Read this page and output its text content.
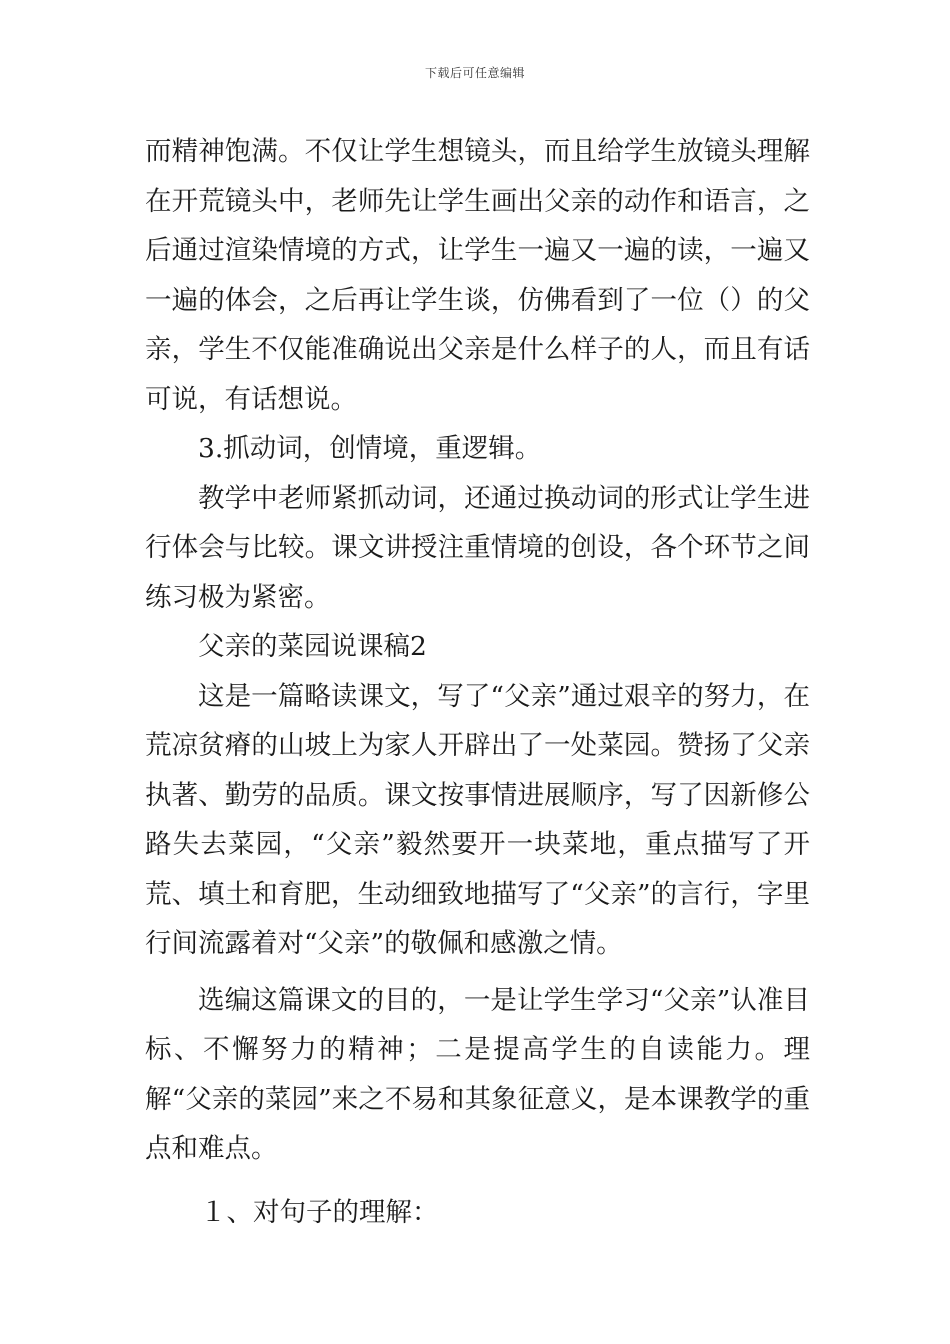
下载后可任意编辑

而精神饱满。不仅让学生想镜头，而且给学生放镜头理解在开荒镜头中，老师先让学生画出父亲的动作和语言，之后通过渲染情境的方式，让学生一遍又一遍的读，一遍又一遍的体会，之后再让学生谈，仿佛看到了一位（）的父亲，学生不仅能准确说出父亲是什么样子的人，而且有话可说，有话想说。

3.抓动词，创情境，重逻辑。

教学中老师紧抓动词，还通过换动词的形式让学生进行体会与比较。课文讲授注重情境的创设，各个环节之间练习极为紧密。

父亲的菜园说课稿2

这是一篇略读课文，写了“父亲”通过艰辛的努力，在荒凉贫瘠的山坡上为家人开辟出了一处菜园。赞扬了父亲执著、勤劳的品质。课文按事情进展顺序，写了因新修公路失去菜园，“父亲”毅然要开一块菜地，重点描写了开荒、填土和育肥，生动细致地描写了“父亲”的言行，字里行间流露着对“父亲”的敬佩和感激之情。

选编这篇课文的目的，一是让学生学习“父亲”认准目标、不懈努力的精神；二是提高学生的自读能力。理解“父亲的菜园”来之不易和其象征意义，是本课教学的重点和难点。

１、对句子的理解：
